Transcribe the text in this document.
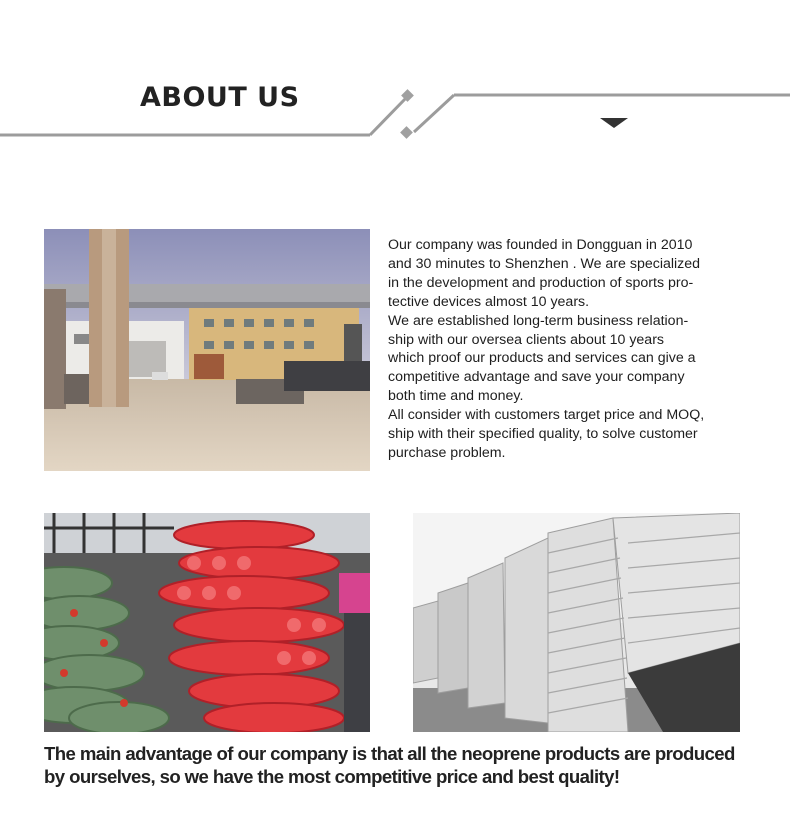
ABOUT US

Our company was founded in Dongguan in 2010
and 30 minutes to Shenzhen . We are specialized
in the development and production of sports pro-
tective devices almost 10 years.

We are established long-term business relation-
ship with our oversea clients about 10 years
which proof our products and services can give a
competitive advantage and save your company
both time and money.

All consider with customers target price and MOQ,
ship with their specified quality, to solve customer
purchase problem.

The main advantage of our company is that all the neoprene products are produced
by ourselves, so we have the most competitive price and best quality!
